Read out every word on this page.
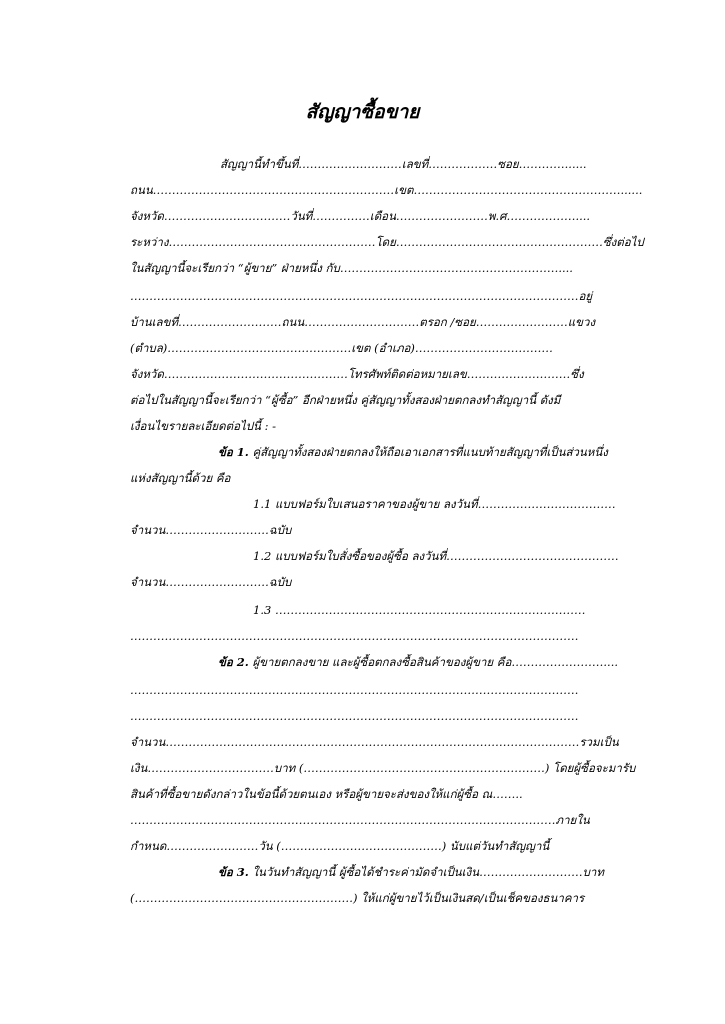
สัญญาซื้อขาย
สัญญานี้ทำขึ้นที่………………………เลขที่………………ซอย…………......
ถนน………………………………………………………เขต………………………………………………......
จังหวัด……………………………วันที่……………เดือน……………………พ.ศ………………....
ระหว่าง………………………………………………โดย………………………………………………ซึ่งต่อไป
ในสัญญานี้จะเรียกว่า “ผู้ขาย” ฝ่ายหนึ่ง กับ…………………………………………………....
………………………………………………………………………………………………………อยู่
บ้านเลขที่………………………ถนน…………………………ตรอก /ซอย……………………แขวง
(ตำบล)…………………………………………เขต (อำเภอ)………………………………
จังหวัด…………………………………………โทรศัพท์ติดต่อหมายเลข………………………ซึ่ง
ต่อไปในสัญญานี้จะเรียกว่า “ผู้ซื้อ” อีกฝ่ายหนึ่ง คู่สัญญาทั้งสองฝ่ายตกลงทำสัญญานี้ ดังมี
เงื่อนไขรายละเอียดต่อไปนี้ : -
ข้อ 1. คู่สัญญาทั้งสองฝ่ายตกลงให้ถือเอาเอกสารที่แนบท้ายสัญญาที่เป็นส่วนหนึ่ง
แห่งสัญญานี้ด้วย คือ
1.1 แบบฟอร์มใบเสนอราคาของผู้ขาย ลงวันที่………………………………
จำนวน………………………ฉบับ
1.2 แบบฟอร์มใบสั่งซื้อของผู้ซื้อ ลงวันที่………………………………………
จำนวน………………………ฉบับ
1.3 ………………………………………………………………………
………………………………………………………………………………………………………
ข้อ 2. ผู้ขายตกลงขาย และผู้ซื้อตกลงซื้อสินค้าของผู้ขาย คือ……………………....
………………………………………………………………………………………………………
………………………………………………………………………………………………………
จำนวน………………………………………………………………………………………………รวมเป็น
เงิน……………………………บาท (………………………………………………………) โดยผู้ซื้อจะมารับ
สินค้าที่ซื้อขายดังกล่าวในข้อนี้ด้วยตนเอง หรือผู้ขายจะส่งของให้แก่ผู้ซื้อ ณ……..
…………………………………………………………………………………………………ภายใน
กำหนด……………………วัน (……………………………………) นับแต่วันทำสัญญานี้
ข้อ 3. ในวันทำสัญญานี้ ผู้ซื้อได้ชำระค่ามัดจำเป็นเงิน………………………บาท
(…………………………………………………) ให้แก่ผู้ขายไว้เป็นเงินสด/เป็นเช็คของธนาคาร
